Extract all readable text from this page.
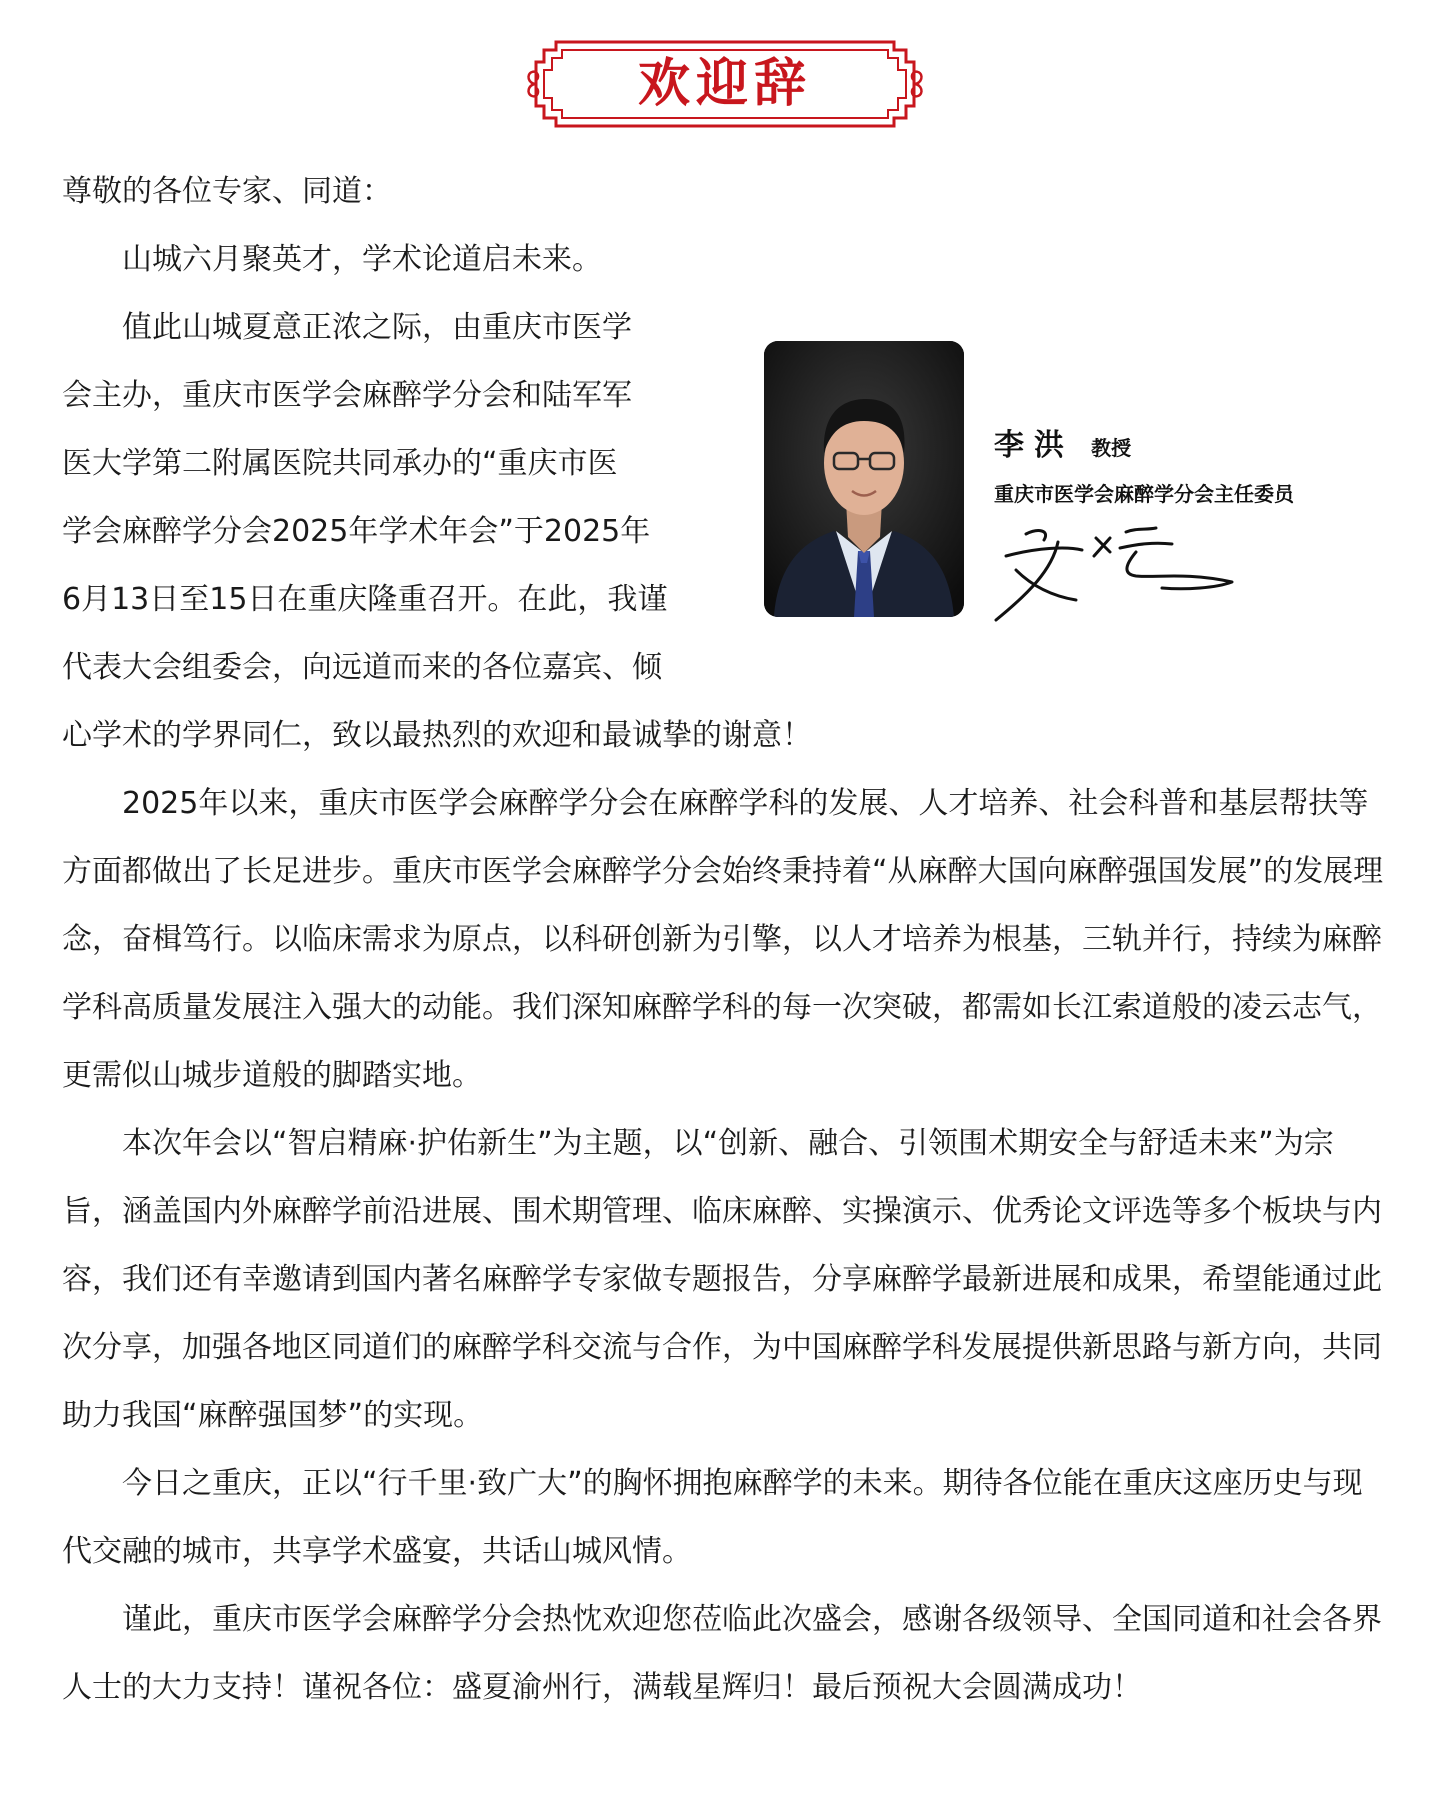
欢迎辞

尊敬的各位专家、同道：

山城六月聚英才，学术论道启未来。

值此山城夏意正浓之际，由重庆市医学

会主办，重庆市医学会麻醉学分会和陆军军

医大学第二附属医院共同承办的“重庆市医

学会麻醉学分会2025年学术年会”于2025年

6月13日至15日在重庆隆重召开。在此，我谨

代表大会组委会，向远道而来的各位嘉宾、倾

心学术的学界同仁，致以最热烈的欢迎和最诚挚的谢意！

2025年以来，重庆市医学会麻醉学分会在麻醉学科的发展、人才培养、社会科普和基层帮扶等方面都做出了长足进步。重庆市医学会麻醉学分会始终秉持着“从麻醉大国向麻醉强国发展”的发展理念，奋楫笃行。以临床需求为原点，以科研创新为引擎，以人才培养为根基，三轨并行，持续为麻醉学科高质量发展注入强大的动能。我们深知麻醉学科的每一次突破，都需如长江索道般的凌云志气，更需似山城步道般的脚踏实地。

本次年会以“智启精麻·护佑新生”为主题，以“创新、融合、引领围术期安全与舒适未来”为宗旨，涵盖国内外麻醉学前沿进展、围术期管理、临床麻醉、实操演示、优秀论文评选等多个板块与内容，我们还有幸邀请到国内著名麻醉学专家做专题报告，分享麻醉学最新进展和成果，希望能通过此次分享，加强各地区同道们的麻醉学科交流与合作，为中国麻醉学科发展提供新思路与新方向，共同助力我国“麻醉强国梦”的实现。

今日之重庆，正以“行千里·致广大”的胸怀拥抱麻醉学的未来。期待各位能在重庆这座历史与现代交融的城市，共享学术盛宴，共话山城风情。

谨此，重庆市医学会麻醉学分会热忱欢迎您莅临此次盛会，感谢各级领导、全国同道和社会各界人士的大力支持！谨祝各位：盛夏渝州行，满载星辉归！最后预祝大会圆满成功！

李洪 教授
重庆市医学会麻醉学分会主任委员
